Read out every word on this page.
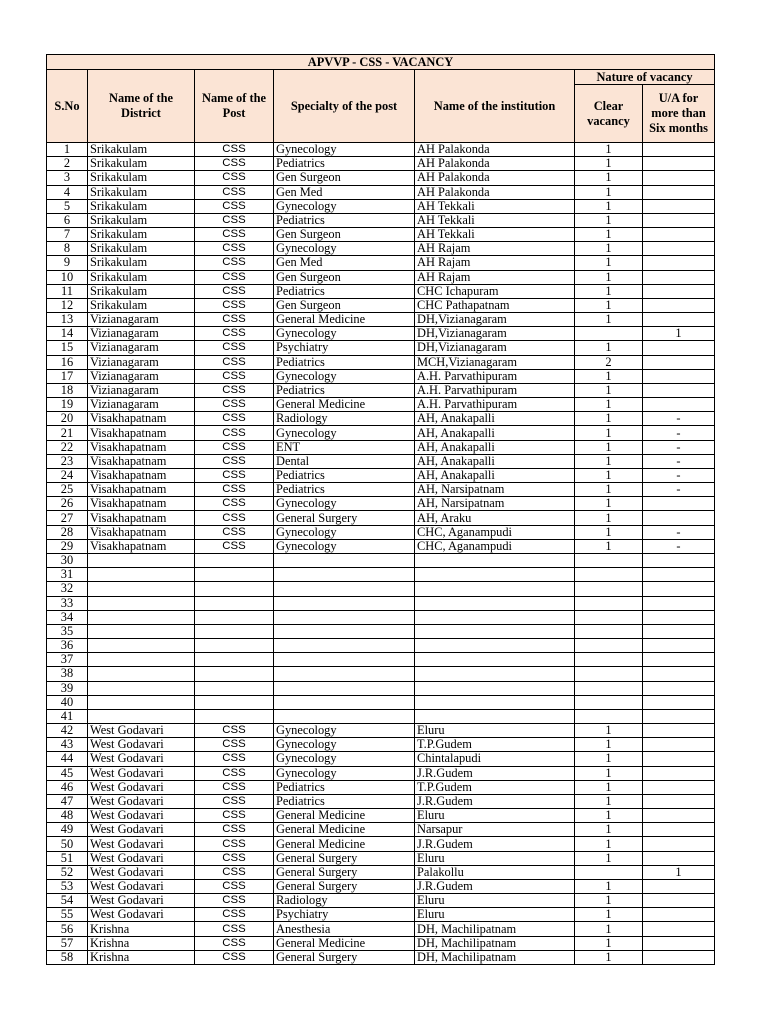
APVVP - CSS - VACANCY						
S.No	Name of the District	Name of the Post	Specialty of the post	Name of the institution	Nature of vacancy	
					Clear vacancy	U/A for more than Six months
1	Srikakulam	CSS	Gynecology	AH Palakonda	1	
2	Srikakulam	CSS	Pediatrics	AH Palakonda	1	
3	Srikakulam	CSS	Gen Surgeon	AH Palakonda	1	
4	Srikakulam	CSS	Gen Med	AH Palakonda	1	
5	Srikakulam	CSS	Gynecology	AH Tekkali	1	
6	Srikakulam	CSS	Pediatrics	AH Tekkali	1	
7	Srikakulam	CSS	Gen Surgeon	AH Tekkali	1	
8	Srikakulam	CSS	Gynecology	AH Rajam	1	
9	Srikakulam	CSS	Gen Med	AH Rajam	1	
10	Srikakulam	CSS	Gen Surgeon	AH Rajam	1	
11	Srikakulam	CSS	Pediatrics	CHC Ichapuram	1	
12	Srikakulam	CSS	Gen Surgeon	CHC Pathapatnam	1	
13	Vizianagaram	CSS	General Medicine	DH,Vizianagaram	1	
14	Vizianagaram	CSS	Gynecology	DH,Vizianagaram		1
15	Vizianagaram	CSS	Psychiatry	DH,Vizianagaram	1	
16	Vizianagaram	CSS	Pediatrics	MCH,Vizianagaram	2	
17	Vizianagaram	CSS	Gynecology	A.H. Parvathipuram	1	
18	Vizianagaram	CSS	Pediatrics	A.H. Parvathipuram	1	
19	Vizianagaram	CSS	General Medicine	A.H. Parvathipuram	1	
20	Visakhapatnam	CSS	Radiology	AH, Anakapalli	1	-
21	Visakhapatnam	CSS	Gynecology	AH, Anakapalli	1	-
22	Visakhapatnam	CSS	ENT	AH, Anakapalli	1	-
23	Visakhapatnam	CSS	Dental	AH, Anakapalli	1	-
24	Visakhapatnam	CSS	Pediatrics	AH, Anakapalli	1	-
25	Visakhapatnam	CSS	Pediatrics	AH, Narsipatnam	1	-
26	Visakhapatnam	CSS	Gynecology	AH, Narsipatnam	1	
27	Visakhapatnam	CSS	General Surgery	AH, Araku	1	
28	Visakhapatnam	CSS	Gynecology	CHC, Aganampudi	1	-
29	Visakhapatnam	CSS	Gynecology	CHC, Aganampudi	1	-
30						
31						
32						
33						
34						
35						
36						
37						
38						
39						
40						
41						
42	West Godavari	CSS	Gynecology	Eluru	1	
43	West Godavari	CSS	Gynecology	T.P.Gudem	1	
44	West Godavari	CSS	Gynecology	Chintalapudi	1	
45	West Godavari	CSS	Gynecology	J.R.Gudem	1	
46	West Godavari	CSS	Pediatrics	T.P.Gudem	1	
47	West Godavari	CSS	Pediatrics	J.R.Gudem	1	
48	West Godavari	CSS	General Medicine	Eluru	1	
49	West Godavari	CSS	General Medicine	Narsapur	1	
50	West Godavari	CSS	General Medicine	J.R.Gudem	1	
51	West Godavari	CSS	General Surgery	Eluru	1	
52	West Godavari	CSS	General Surgery	Palakollu		1
53	West Godavari	CSS	General Surgery	J.R.Gudem	1	
54	West Godavari	CSS	Radiology	Eluru	1	
55	West Godavari	CSS	Psychiatry	Eluru	1	
56	Krishna	CSS	Anesthesia	DH, Machilipatnam	1	
57	Krishna	CSS	General Medicine	DH, Machilipatnam	1	
58	Krishna	CSS	General Surgery	DH, Machilipatnam	1	
